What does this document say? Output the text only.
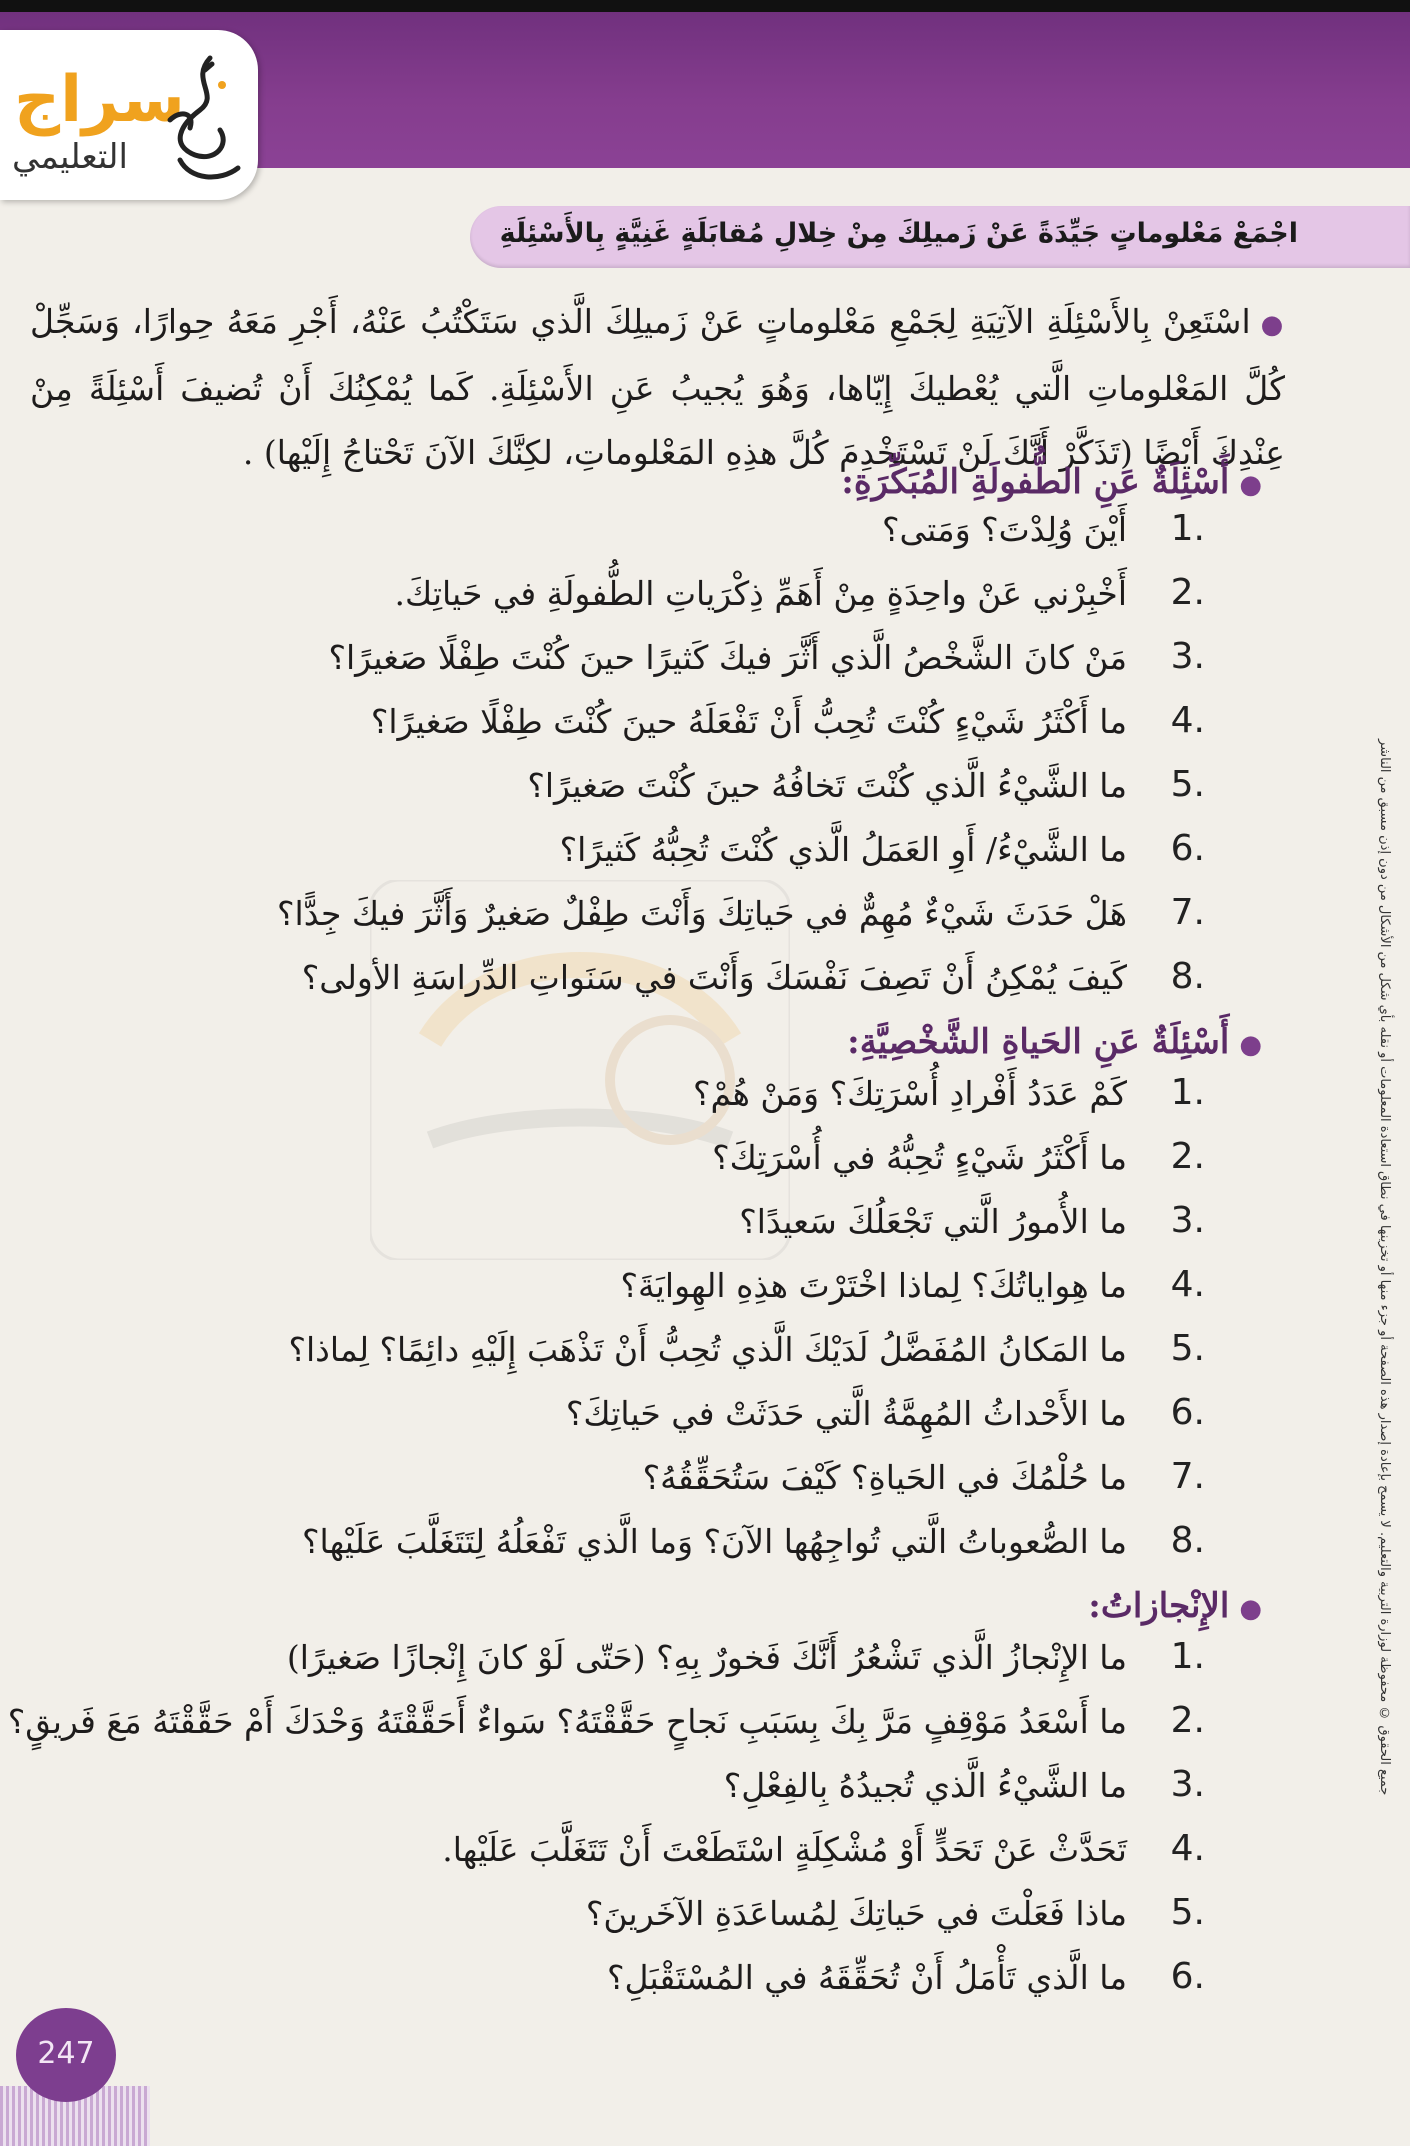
سراج
التعليمي
اجْمَعْ مَعْلوماتٍ جَيِّدَةً عَنْ زَميلِكَ مِنْ خِلالِ مُقابَلَةٍ غَنِيَّةٍ بِالأَسْئِلَةِ
●اسْتَعِنْ بِالأَسْئِلَةِ الآتِيَةِ لِجَمْعِ مَعْلوماتٍ عَنْ زَميلِكَ الَّذي سَتَكْتُبُ عَنْهُ، أَجْرِ مَعَهُ حِوارًا، وَسَجِّلْ كُلَّ المَعْلوماتِ الَّتي يُعْطيكَ إِيّاها، وَهُوَ يُجيبُ عَنِ الأَسْئِلَةِ. كَما يُمْكِنُكَ أَنْ تُضيفَ أَسْئِلَةً مِنْ عِنْدِكَ أَيْضًا (تَذَكَّرْ أَنَّكَ لَنْ تَسْتَخْدِمَ كُلَّ هذِهِ المَعْلوماتِ، لكِنَّكَ الآنَ تَحْتاجُ إِلَيْها) .
●أَسْئِلَةٌ عَنِ الطُّفولَةِ المُبَكِّرَةِ:
1.
أَيْنَ وُلِدْتَ؟ وَمَتى؟
2.
أَخْبِرْني عَنْ واحِدَةٍ مِنْ أَهَمِّ ذِكْرَياتِ الطُّفولَةِ في حَياتِكَ.
3.
مَنْ كانَ الشَّخْصُ الَّذي أَثَّرَ فيكَ كَثيرًا حينَ كُنْتَ طِفْلًا صَغيرًا؟
4.
ما أَكْثَرُ شَيْءٍ كُنْتَ تُحِبُّ أَنْ تَفْعَلَهُ حينَ كُنْتَ طِفْلًا صَغيرًا؟
5.
ما الشَّيْءُ الَّذي كُنْتَ تَخافُهُ حينَ كُنْتَ صَغيرًا؟
6.
ما الشَّيْءُ/ أَوِ العَمَلُ الَّذي كُنْتَ تُحِبُّهُ كَثيرًا؟
7.
هَلْ حَدَثَ شَيْءٌ مُهِمٌّ في حَياتِكَ وَأَنْتَ طِفْلٌ صَغيرٌ وَأَثَّرَ فيكَ جِدًّا؟
8.
كَيفَ يُمْكِنُ أَنْ تَصِفَ نَفْسَكَ وَأَنْتَ في سَنَواتِ الدِّراسَةِ الأولى؟
●أَسْئِلَةٌ عَنِ الحَياةِ الشَّخْصِيَّةِ:
1.
كَمْ عَدَدُ أَفْرادِ أُسْرَتِكَ؟ وَمَنْ هُمْ؟
2.
ما أَكْثَرُ شَيْءٍ تُحِبُّهُ في أُسْرَتِكَ؟
3.
ما الأُمورُ الَّتي تَجْعَلُكَ سَعيدًا؟
4.
ما هِواياتُكَ؟ لِماذا اخْتَرْتَ هذِهِ الهِوايَةَ؟
5.
ما المَكانُ المُفَضَّلُ لَدَيْكَ الَّذي تُحِبُّ أَنْ تَذْهَبَ إِلَيْهِ دائِمًا؟ لِماذا؟
6.
ما الأَحْداثُ المُهِمَّةُ الَّتي حَدَثَتْ في حَياتِكَ؟
7.
ما حُلْمُكَ في الحَياةِ؟ كَيْفَ سَتُحَقِّقُهُ؟
8.
ما الصُّعوباتُ الَّتي تُواجِهُها الآنَ؟ وَما الَّذي تَفْعَلُهُ لِتَتَغَلَّبَ عَلَيْها؟
●الإِنْجازاتُ:
1.
ما الإِنْجازُ الَّذي تَشْعُرُ أَنَّكَ فَخورٌ بِهِ؟ (حَتّى لَوْ كانَ إِنْجازًا صَغيرًا)
2.
ما أَسْعَدُ مَوْقِفٍ مَرَّ بِكَ بِسَبَبِ نَجاحٍ حَقَّقْتَهُ؟ سَواءٌ أَحَقَّقْتَهُ وَحْدَكَ أَمْ حَقَّقْتَهُ مَعَ فَريقٍ؟
3.
ما الشَّيْءُ الَّذي تُجيدُهُ بِالفِعْلِ؟
4.
تَحَدَّثْ عَنْ تَحَدٍّ أَوْ مُشْكِلَةٍ اسْتَطَعْتَ أَنْ تَتَغَلَّبَ عَلَيْها.
5.
ماذا فَعَلْتَ في حَياتِكَ لِمُساعَدَةِ الآخَرينَ؟
6.
ما الَّذي تَأْمَلُ أَنْ تُحَقِّقَهُ في المُسْتَقْبَلِ؟
جميع الحقوق © محفوظة لوزارة التربية والتعليم. لا يسمح بإعادة إصدار هذه الصفحة أو جزء منها أو تخزينها في نطاق استعادة المعلومات أو نقله بأي شكل من الأشكال من دون إذن مسبق من الناشر
247
